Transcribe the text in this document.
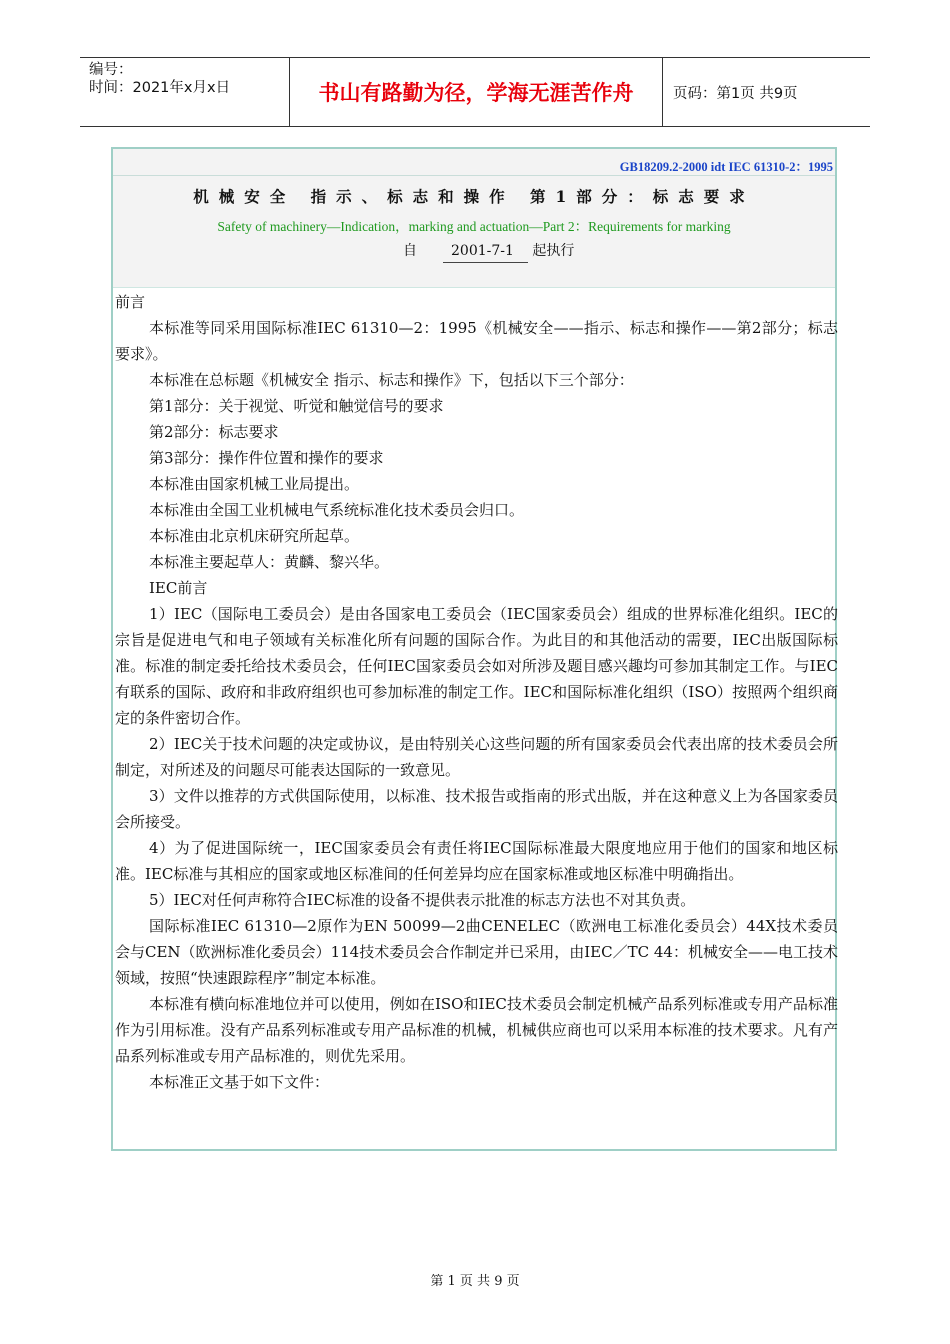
编号：
时间：2021年x月x日	书山有路勤为径，学海无涯苦作舟	页码：第1页 共9页
GB18209.2-2000 idt IEC 61310-2：1995
机械安全 指示、标志和操作 第1部分：标志要求
Safety of machinery—Indication，marking and actuation—Part 2：Requirements for marking
自 2001-7-1 起执行

前言

本标准等同采用国际标准IEC 61310—2：1995《机械安全——指示、标志和操作——第2部分；标志要求》。

本标准在总标题《机械安全 指示、标志和操作》下，包括以下三个部分：

第1部分：关于视觉、听觉和触觉信号的要求

第2部分：标志要求

第3部分：操作件位置和操作的要求

本标准由国家机械工业局提出。

本标准由全国工业机械电气系统标准化技术委员会归口。

本标准由北京机床研究所起草。

本标准主要起草人：黄麟、黎兴华。

IEC前言

1）IEC（国际电工委员会）是由各国家电工委员会（IEC国家委员会）组成的世界标准化组织。IEC的宗旨是促进电气和电子领域有关标准化所有问题的国际合作。为此目的和其他活动的需要，IEC出版国际标准。标准的制定委托给技术委员会，任何IEC国家委员会如对所涉及题目感兴趣均可参加其制定工作。与IEC有联系的国际、政府和非政府组织也可参加标准的制定工作。IEC和国际标准化组织（ISO）按照两个组织商定的条件密切合作。

2）IEC关于技术问题的决定或协议，是由特别关心这些问题的所有国家委员会代表出席的技术委员会所制定，对所述及的问题尽可能表达国际的一致意见。

3）文件以推荐的方式供国际使用，以标准、技术报告或指南的形式出版，并在这种意义上为各国家委员会所接受。

4）为了促进国际统一，IEC国家委员会有责任将IEC国际标准最大限度地应用于他们的国家和地区标准。IEC标准与其相应的国家或地区标准间的任何差异均应在国家标准或地区标准中明确指出。

5）IEC对任何声称符合IEC标准的设备不提供表示批准的标志方法也不对其负责。

国际标准IEC 61310—2原作为EN 50099—2曲CENELEC（欧洲电工标准化委员会）44X技术委员会与CEN（欧洲标准化委员会）114技术委员会合作制定并已采用，由IEC／TC 44：机械安全——电工技术领域，按照“快速跟踪程序”制定本标准。

本标准有横向标准地位并可以使用，例如在ISO和IEC技术委员会制定机械产品系列标准或专用产品标准作为引用标准。没有产品系列标准或专用产品标准的机械，机械供应商也可以采用本标准的技术要求。凡有产品系列标准或专用产品标准的，则优先采用。

本标准正文基于如下文件：

第 1 页 共 9 页
